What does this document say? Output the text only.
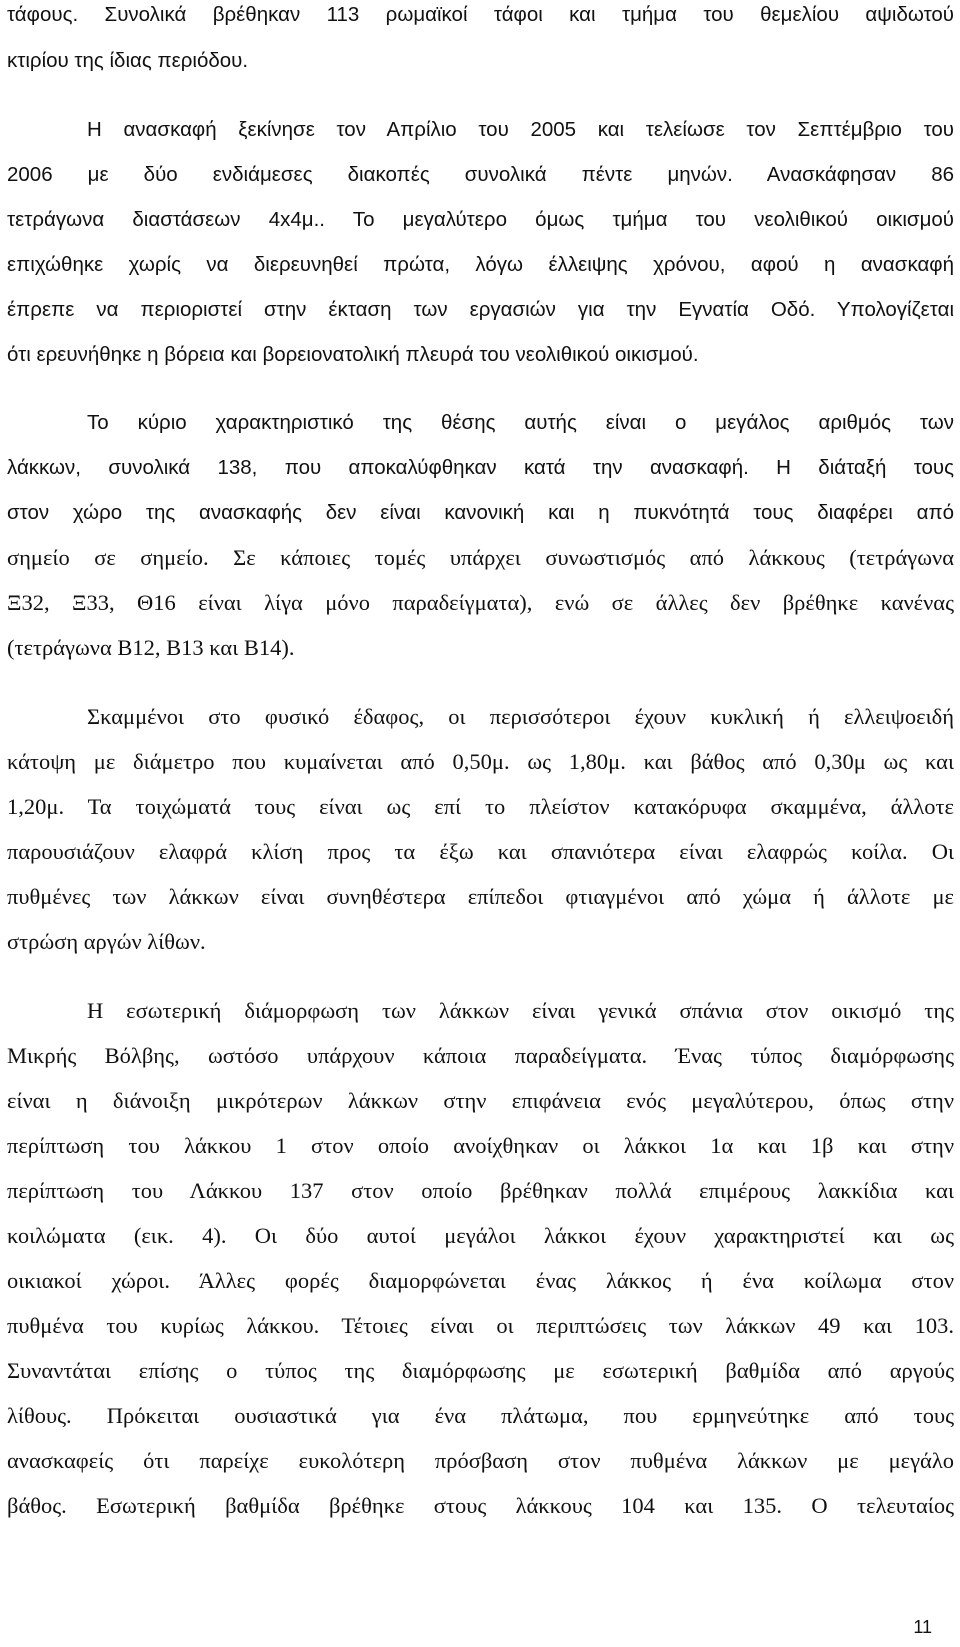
τάφους. Συνολικά βρέθηκαν 113 ρωμαϊκοί τάφοι και τμήμα του θεμελίου αψιδωτού
κτιρίου της ίδιας περιόδου.
Η ανασκαφή ξεκίνησε τον Απρίλιο του 2005 και τελείωσε τον Σεπτέμβριο του
2006 με δύο ενδιάμεσες διακοπές συνολικά πέντε μηνών. Ανασκάφησαν 86
τετράγωνα διαστάσεων 4x4μ.. Το μεγαλύτερο όμως τμήμα του νεολιθικού οικισμού
επιχώθηκε χωρίς να διερευνηθεί πρώτα, λόγω έλλειψης χρόνου, αφού η ανασκαφή
έπρεπε να περιοριστεί στην έκταση των εργασιών για την Εγνατία Οδό. Υπολογίζεται
ότι ερευνήθηκε η βόρεια και βορειονατολική πλευρά του νεολιθικού οικισμού.
Το κύριο χαρακτηριστικό της θέσης αυτής είναι ο μεγάλος αριθμός των
λάκκων, συνολικά 138, που αποκαλύφθηκαν κατά την ανασκαφή. Η διάταξή τους
στον χώρο της ανασκαφής δεν είναι κανονική και η πυκνότητά τους διαφέρει από
σημείο σε σημείο. Σε κάποιες τομές υπάρχει συνωστισμός από λάκκους (τετράγωνα
Ξ32, Ξ33, Θ16 είναι λίγα μόνο παραδείγματα), ενώ σε άλλες δεν βρέθηκε κανένας
(τετράγωνα Β12, Β13 και Β14).
Σκαμμένοι στο φυσικό έδαφος, οι περισσότεροι έχουν κυκλική ή ελλειψοειδή
κάτοψη με διάμετρο που κυμαίνεται από 0,50μ. ως 1,80μ. και βάθος από 0,30μ ως και
1,20μ. Τα τοιχώματά τους είναι ως επί το πλείστον κατακόρυφα σκαμμένα, άλλοτε
παρουσιάζουν ελαφρά κλίση προς τα έξω και σπανιότερα είναι ελαφρώς κοίλα. Οι
πυθμένες των λάκκων είναι συνηθέστερα επίπεδοι φτιαγμένοι από χώμα ή άλλοτε με
στρώση αργών λίθων.
Η εσωτερική διάμορφωση των λάκκων είναι γενικά σπάνια στον οικισμό της
Μικρής Βόλβης, ωστόσο υπάρχουν κάποια παραδείγματα. Ένας τύπος διαμόρφωσης
είναι η διάνοιξη μικρότερων λάκκων στην επιφάνεια ενός μεγαλύτερου, όπως στην
περίπτωση του λάκκου 1 στον οποίο ανοίχθηκαν οι λάκκοι 1α και 1β και στην
περίπτωση του Λάκκου 137 στον οποίο βρέθηκαν πολλά επιμέρους λακκίδια και
κοιλώματα (εικ. 4). Οι δύο αυτοί μεγάλοι λάκκοι έχουν χαρακτηριστεί και ως
οικιακοί χώροι. Άλλες φορές διαμορφώνεται ένας λάκκος ή ένα κοίλωμα στον
πυθμένα του κυρίως λάκκου. Τέτοιες είναι οι περιπτώσεις των λάκκων 49 και 103.
Συναντάται επίσης ο τύπος της διαμόρφωσης με εσωτερική βαθμίδα από αργούς
λίθους. Πρόκειται ουσιαστικά για ένα πλάτωμα, που ερμηνεύτηκε από τους
ανασκαφείς ότι παρείχε ευκολότερη πρόσβαση στον πυθμένα λάκκων με μεγάλο
βάθος. Εσωτερική βαθμίδα βρέθηκε στους λάκκους 104 και 135. Ο τελευταίος
11
